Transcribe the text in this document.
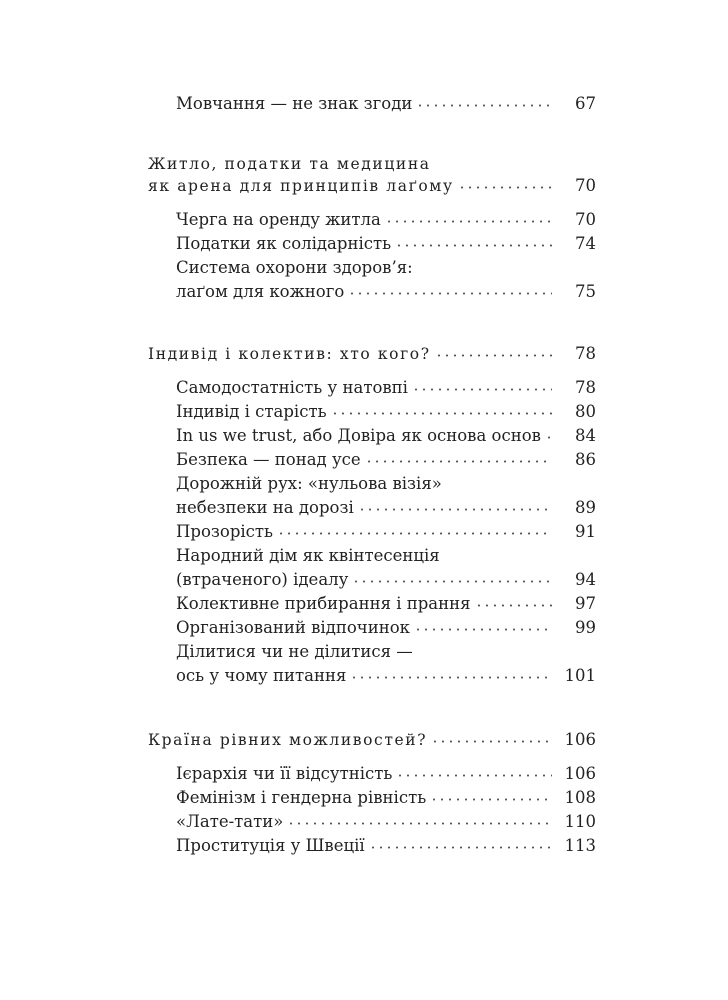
Мовчання — не знак згоди	67
Житло, податки та медицина
як арена для принципів лаґому	70
Черга на оренду житла	70
Податки як солідарність	74
Система охорони здоров’я:
лаґом для кожного	75
Індивід і колектив: хто кого?	78
Самодостатність у натовпі	78
Індивід і старість	80
In us we trust, або Довіра як основа основ	84
Безпека — понад усе	86
Дорожній рух: «нульова візія»
небезпеки на дорозі	89
Прозорість	91
Народний дім як квінтесенція
(втраченого) ідеалу	94
Колективне прибирання і прання	97
Організований відпочинок	99
Ділитися чи не ділитися —
ось у чому питання	101
Країна рівних можливостей?	106
Ієрархія чи її відсутність	106
Фемінізм і гендерна рівність	108
«Лате-тати»	110
Проституція у Швеції	113
